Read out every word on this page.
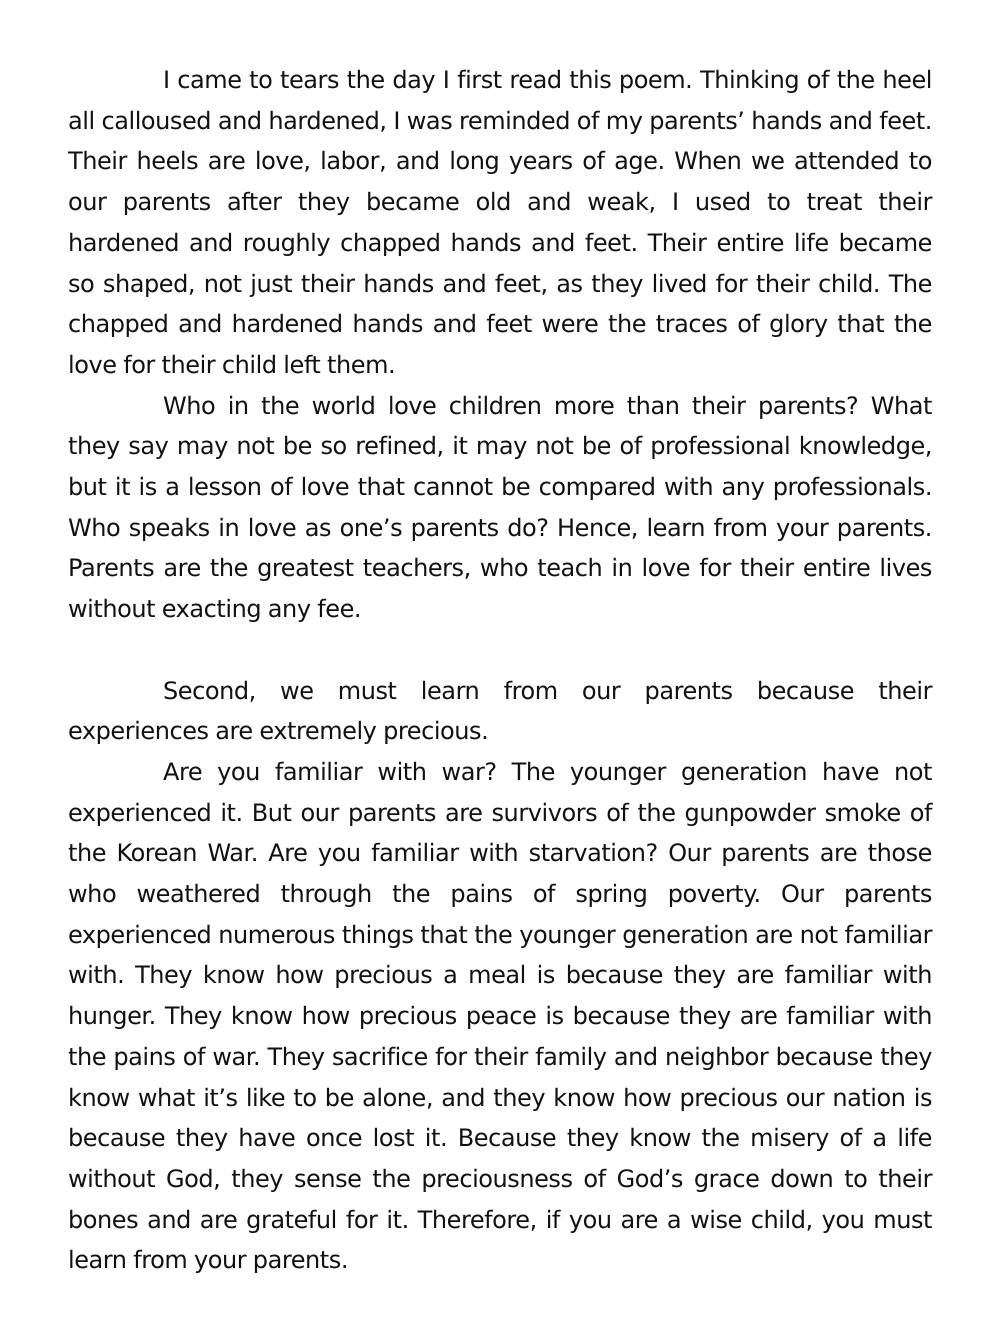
I came to tears the day I first read this poem. Thinking of the heel all calloused and hardened, I was reminded of my parents’ hands and feet. Their heels are love, labor, and long years of age. When we attended to our parents after they became old and weak, I used to treat their hardened and roughly chapped hands and feet. Their entire life became so shaped, not just their hands and feet, as they lived for their child. The chapped and hardened hands and feet were the traces of glory that the love for their child left them.

Who in the world love children more than their parents? What they say may not be so refined, it may not be of professional knowledge, but it is a lesson of love that cannot be compared with any professionals. Who speaks in love as one’s parents do? Hence, learn from your parents. Parents are the greatest teachers, who teach in love for their entire lives without exacting any fee.

Second, we must learn from our parents because their experiences are extremely precious.

Are you familiar with war? The younger generation have not experienced it. But our parents are survivors of the gunpowder smoke of the Korean War. Are you familiar with starvation? Our parents are those who weathered through the pains of spring poverty. Our parents experienced numerous things that the younger generation are not familiar with. They know how precious a meal is because they are familiar with hunger. They know how precious peace is because they are familiar with the pains of war. They sacrifice for their family and neighbor because they know what it’s like to be alone, and they know how precious our nation is because they have once lost it. Because they know the misery of a life without God, they sense the preciousness of God’s grace down to their bones and are grateful for it. Therefore, if you are a wise child, you must learn from your parents.
